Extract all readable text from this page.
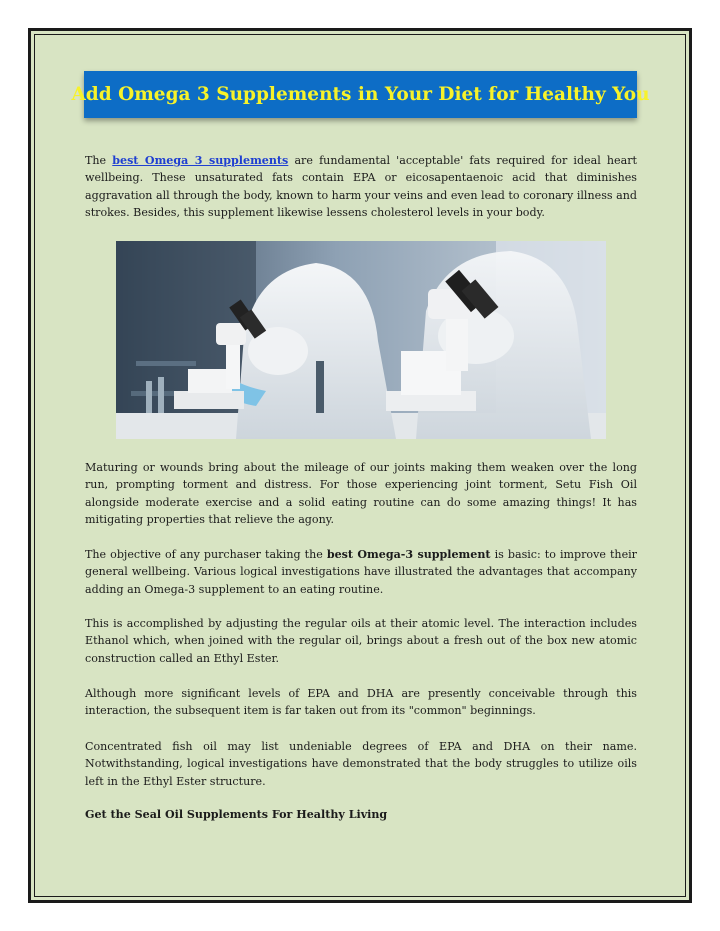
Add Omega 3 Supplements in Your Diet for Healthy You

The best Omega 3 supplements are fundamental 'acceptable' fats required for ideal heart wellbeing. These unsaturated fats contain EPA or eicosapentaenoic acid that diminishes aggravation all through the body, known to harm your veins and even lead to coronary illness and strokes. Besides, this supplement likewise lessens cholesterol levels in your body.

Maturing or wounds bring about the mileage of our joints making them weaken over the long run, prompting torment and distress. For those experiencing joint torment, Setu Fish Oil alongside moderate exercise and a solid eating routine can do some amazing things! It has mitigating properties that relieve the agony.

The objective of any purchaser taking the best Omega-3 supplement is basic: to improve their general wellbeing. Various logical investigations have illustrated the advantages that accompany adding an Omega-3 supplement to an eating routine.

This is accomplished by adjusting the regular oils at their atomic level. The interaction includes Ethanol which, when joined with the regular oil, brings about a fresh out of the box new atomic construction called an Ethyl Ester.

Although more significant levels of EPA and DHA are presently conceivable through this interaction, the subsequent item is far taken out from its "common" beginnings.

Concentrated fish oil may list undeniable degrees of EPA and DHA on their name. Notwithstanding, logical investigations have demonstrated that the body struggles to utilize oils left in the Ethyl Ester structure.

Get the Seal Oil Supplements For Healthy Living
